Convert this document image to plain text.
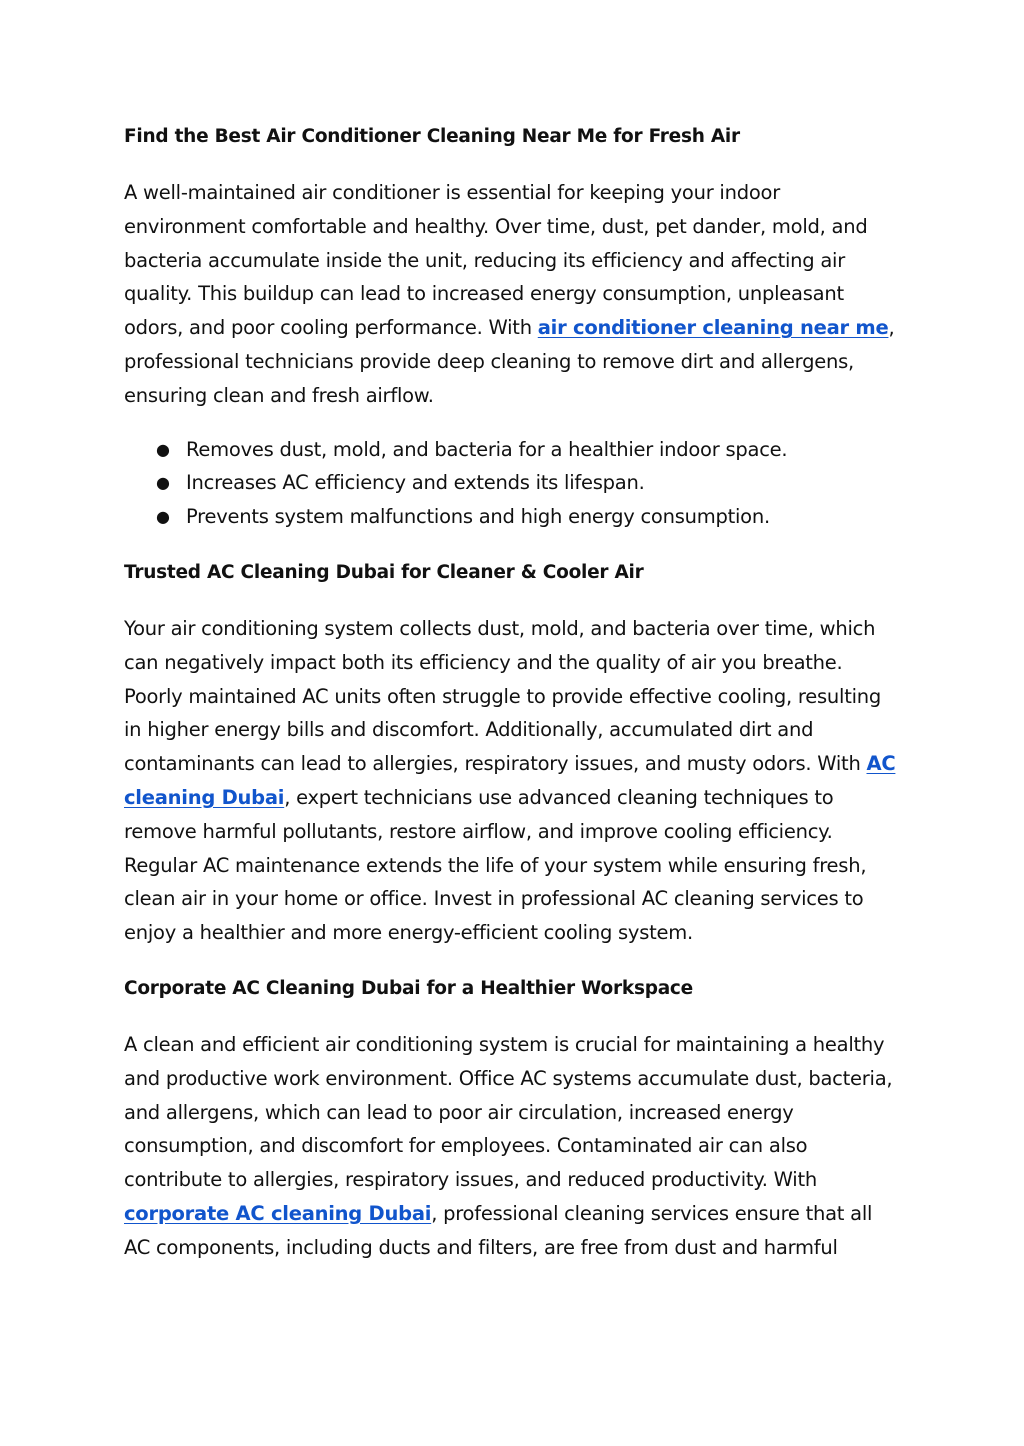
Find the Best Air Conditioner Cleaning Near Me for Fresh Air

A well-maintained air conditioner is essential for keeping your indoor environment comfortable and healthy. Over time, dust, pet dander, mold, and bacteria accumulate inside the unit, reducing its efficiency and affecting air quality. This buildup can lead to increased energy consumption, unpleasant odors, and poor cooling performance. With air conditioner cleaning near me, professional technicians provide deep cleaning to remove dirt and allergens, ensuring clean and fresh airflow.

● Removes dust, mold, and bacteria for a healthier indoor space.
● Increases AC efficiency and extends its lifespan.
● Prevents system malfunctions and high energy consumption.
Trusted AC Cleaning Dubai for Cleaner & Cooler Air

Your air conditioning system collects dust, mold, and bacteria over time, which can negatively impact both its efficiency and the quality of air you breathe. Poorly maintained AC units often struggle to provide effective cooling, resulting in higher energy bills and discomfort. Additionally, accumulated dirt and contaminants can lead to allergies, respiratory issues, and musty odors. With AC cleaning Dubai, expert technicians use advanced cleaning techniques to remove harmful pollutants, restore airflow, and improve cooling efficiency. Regular AC maintenance extends the life of your system while ensuring fresh, clean air in your home or office. Invest in professional AC cleaning services to enjoy a healthier and more energy-efficient cooling system.

Corporate AC Cleaning Dubai for a Healthier Workspace

A clean and efficient air conditioning system is crucial for maintaining a healthy and productive work environment. Office AC systems accumulate dust, bacteria, and allergens, which can lead to poor air circulation, increased energy consumption, and discomfort for employees. Contaminated air can also contribute to allergies, respiratory issues, and reduced productivity. With corporate AC cleaning Dubai, professional cleaning services ensure that all AC components, including ducts and filters, are free from dust and harmful
